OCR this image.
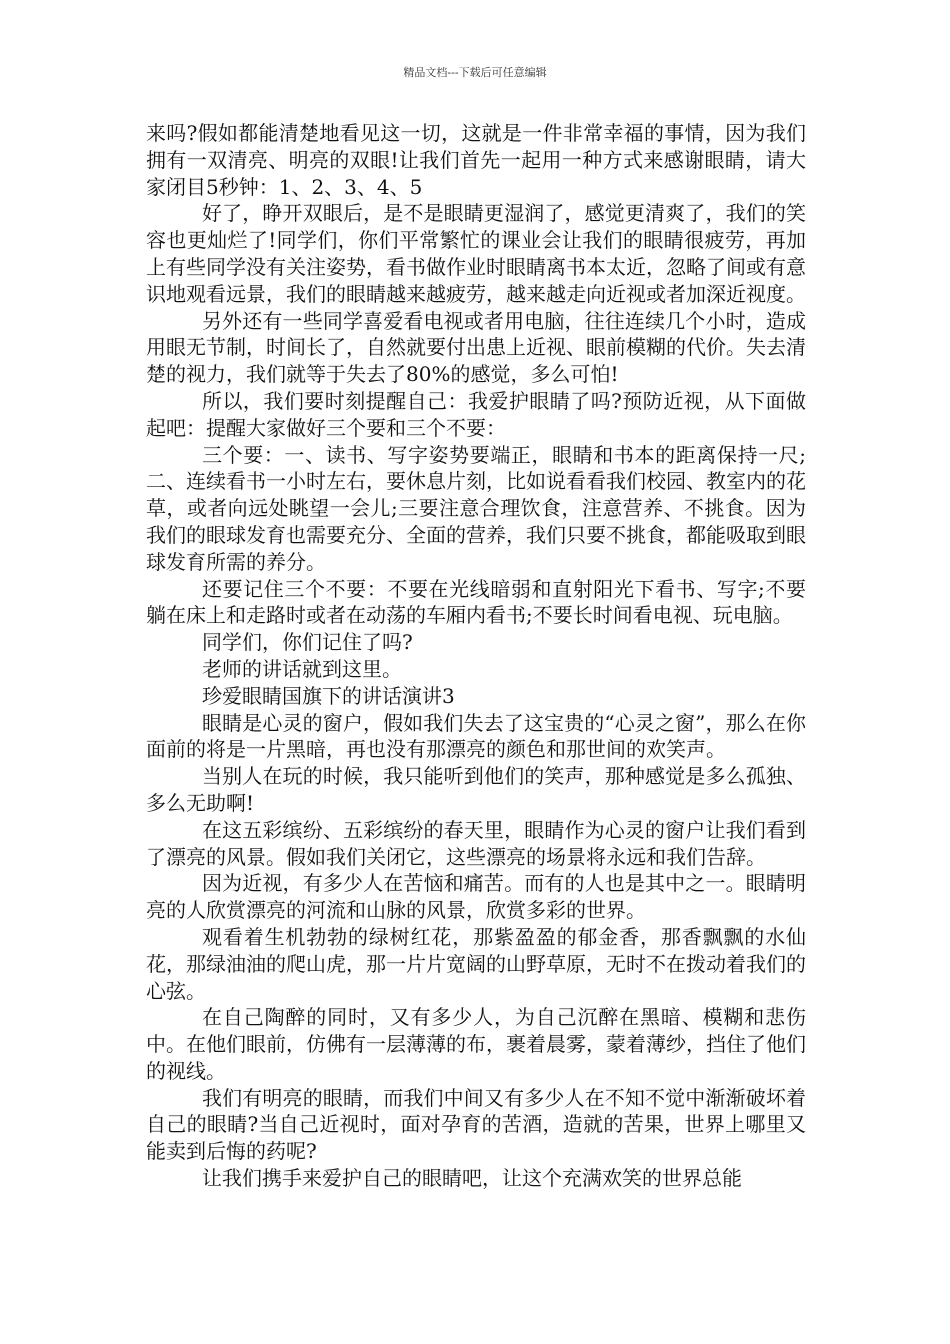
精品文档---下载后可任意编辑

来吗?假如都能清楚地看见这一切，这就是一件非常幸福的事情，因为我们拥有一双清亮、明亮的双眼!让我们首先一起用一种方式来感谢眼睛，请大家闭目5秒钟：1、2、3、4、5

好了，睁开双眼后，是不是眼睛更湿润了，感觉更清爽了，我们的笑容也更灿烂了!同学们，你们平常繁忙的课业会让我们的眼睛很疲劳，再加上有些同学没有关注姿势，看书做作业时眼睛离书本太近，忽略了间或有意识地观看远景，我们的眼睛越来越疲劳，越来越走向近视或者加深近视度。

另外还有一些同学喜爱看电视或者用电脑，往往连续几个小时，造成用眼无节制，时间长了，自然就要付出患上近视、眼前模糊的代价。失去清楚的视力，我们就等于失去了80%的感觉，多么可怕!

所以，我们要时刻提醒自己：我爱护眼睛了吗?预防近视，从下面做起吧：提醒大家做好三个要和三个不要：

三个要：一、读书、写字姿势要端正，眼睛和书本的距离保持一尺;二、连续看书一小时左右，要休息片刻，比如说看看我们校园、教室内的花草，或者向远处眺望一会儿;三要注意合理饮食，注意营养、不挑食。因为我们的眼球发育也需要充分、全面的营养，我们只要不挑食，都能吸取到眼球发育所需的养分。

还要记住三个不要：不要在光线暗弱和直射阳光下看书、写字;不要躺在床上和走路时或者在动荡的车厢内看书;不要长时间看电视、玩电脑。

同学们，你们记住了吗?

老师的讲话就到这里。

珍爱眼睛国旗下的讲话演讲3

眼睛是心灵的窗户，假如我们失去了这宝贵的“心灵之窗”，那么在你面前的将是一片黑暗，再也没有那漂亮的颜色和那世间的欢笑声。

当别人在玩的时候，我只能听到他们的笑声，那种感觉是多么孤独、多么无助啊!

在这五彩缤纷、五彩缤纷的春天里，眼睛作为心灵的窗户让我们看到了漂亮的风景。假如我们关闭它，这些漂亮的场景将永远和我们告辞。

因为近视，有多少人在苦恼和痛苦。而有的人也是其中之一。眼睛明亮的人欣赏漂亮的河流和山脉的风景，欣赏多彩的世界。

观看着生机勃勃的绿树红花，那紫盈盈的郁金香，那香飘飘的水仙花，那绿油油的爬山虎，那一片片宽阔的山野草原，无时不在拨动着我们的心弦。

在自己陶醉的同时，又有多少人，为自己沉醉在黑暗、模糊和悲伤中。在他们眼前，仿佛有一层薄薄的布，裹着晨雾，蒙着薄纱，挡住了他们的视线。

我们有明亮的眼睛，而我们中间又有多少人在不知不觉中渐渐破坏着自己的眼睛?当自己近视时，面对孕育的苦酒，造就的苦果，世界上哪里又能卖到后悔的药呢?

让我们携手来爱护自己的眼睛吧，让这个充满欢笑的世界总能
